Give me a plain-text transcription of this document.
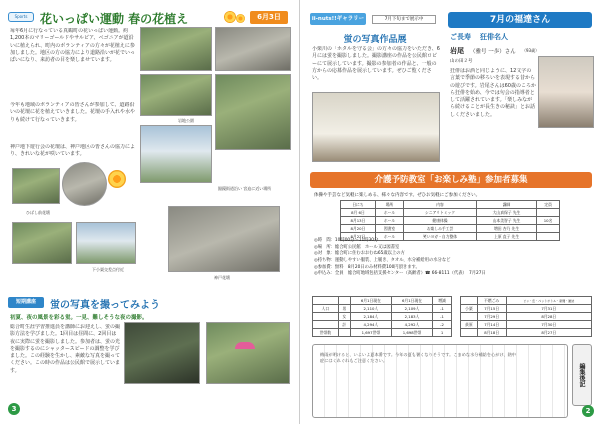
Sports	花いっぱい運動 春の花植え	6月3日
毎年6月に行なっている真鶴町の花いっぱい運動。約1,200本のマリーゴールドやサルビア、ベゴニアが道沿いに植えられ、町内のボランティアの方々が花植えに参加しました。地区の方の協力により道路沿いが花でいっぱいになり、来訪者の目を楽しませています。
今年も地域のボランティアの皆さんが参加して、道路沿いの花壇に花を植えていきました。花壇の手入れや水やりも続けて行なっていきます。	岩地公園
銀鏡街道沿い 宮迫に近い場所
神戸地下遊行会の花壇は、神戸地区の皆さんの協力により、きれいな花が咲いています。
ひばし前花壇
下小栗交差点付近
神戸花壇
短期講座	蛍の写真を撮ってみよう
初夏、夜の風景を彩る蛍。一見、難しそうな夜の撮影。
総合町生涯学習推進員を講師にお迎えし、蛍の撮影方法を学びました。1回目は昼間に、2回目は夜に実際に蛍を撮影しました。参加者は、蛍の光を撮影するのにシャッタースピードの調整を学びました。この経験を生かし、素敵な写真を撮ってください。この時の作品は公民館で展示しています。
3
ii-nuts!!ギャラリー	7月下旬まで展示中
蛍の写真作品展
小栗川の「ホタルを守る会」の方々の協力をいただき、6月には蛍を撮影しました。撮影講座の作品を公民館ロビーにて展示しています。撮影の参加者の作品と、一般の方からの応募作品を展示しています。ぜひご覧ください。
7月の福達さん
ご長寿 狂俳名人
岩尾 （雅号 一歩）さん （93歳）
山の田２号
狂俳はお酒と同じように、12文字の言葉で季節の移ろいを表現する昔からの遊びです。岩尾さんは60歳のころから狂俳を始め、今では句会の指導者として活躍されています。「楽しみながら続けることが長生きの秘訣」とお話しくださいました。
介護予防教室「お楽しみ塾」参加者募集
体操や手芸など気軽に楽しめる、様々な内容です。ぜひお気軽にご参加ください。
日にち	場所	内容	講師	定員
8月 6日	ホール	シニアリトミック	大山真保子 先生	
8月13日	ホール	健康体操	山本美智子 先生	10名
8月20日	図書室	お楽しみ手工芸	増田 杏乃 先生	
8月27日	ホール	笑いヨガ・自力整体	上原 直子 先生	
◎時　間：10時00分〜11時30分
◎場　所：総合町公民館　ホール又は図書室
◎対　象：総合町に住むおおむね65歳以上の方
◎持ち物：運動しやすい服装、上履き、タオル、水分補給用の水分など
◎参加費：無料　8月20日のみ材料費100円頂きます。
◎申込み：全員　総合町地域包括支援センター（高齢者）☎ 66-8111（代表）　7月27日
		6月1日現在	6月1日現在	増減
人口	男	2,110人	2,109人	-1
	女	2,184人	2,183人	-1
	計	4,294人	4,292人	-2
世帯数		1,697世帯	1,698世帯	1
	不燃ごみ	ビン・缶・ペットボトル・新聞・雑誌
小栗	7月15日	7月31日
	7月29日	8月28日
荻原	7月14日	7月30日
	8月18日	8月27日
梅雨が明けると、いよいよ夏本番です。今年の夏も暑くなりそうです。こまめな水分補給を心がけ、熱中症にはくれぐれもご注意ください。
編集後記
2
